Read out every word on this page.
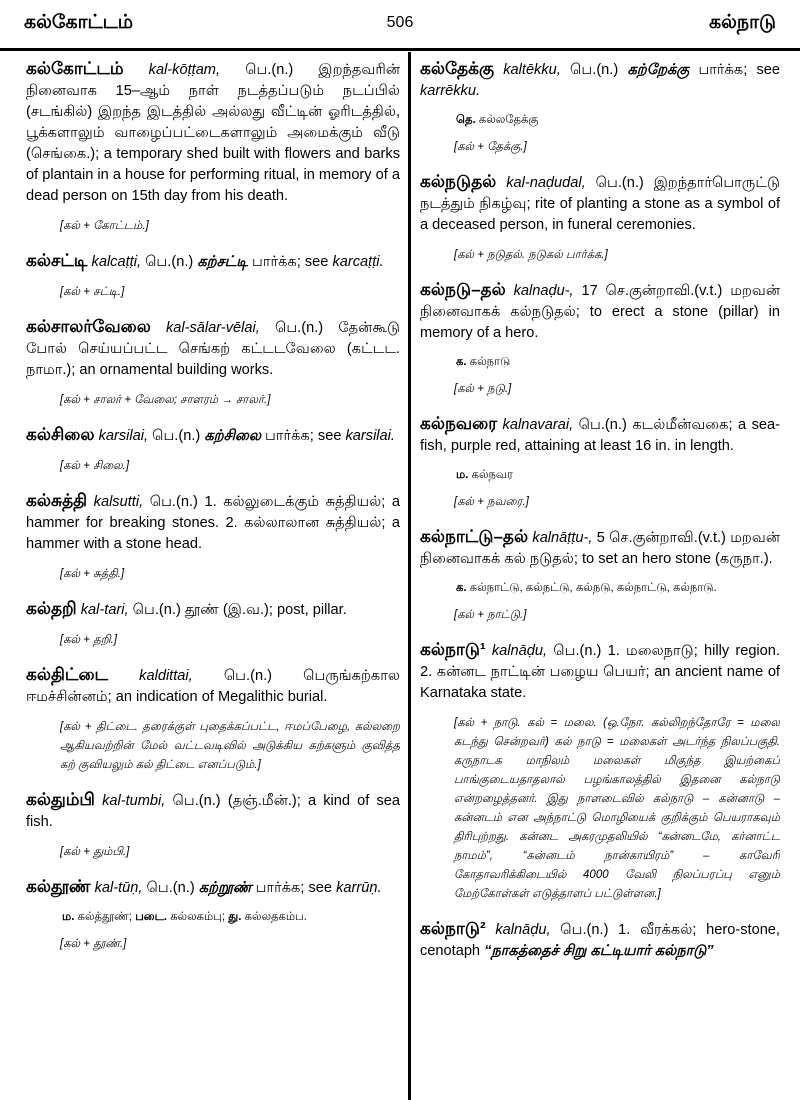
கல்கோட்டம்	506	கல்நாடு
கல்கோட்டம் kal-kōṭṭam, பெ.(n.) இறந்தவரின் நினைவாக 15–ஆம் நாள் நடத்தப்படும் நடப்பில் (சடங்கில்) இறந்த இடத்தில் அல்லது வீட்டின் ஓரிடத்தில், பூக்களாலும் வாழைப்பட்டைகளாலும் அமைக்கும் வீடு (செங்கை.); a temporary shed built with flowers and barks of plantain in a house for performing ritual, in memory of a dead person on 15th day from his death.
[கல் + கோட்டம்.]
கல்சட்டி kalcaṭṭi, பெ.(n.) கற்சட்டி பார்க்க; see karcaṭṭi.
[கல் + சட்டி.]
கல்சாலர்வேலை kal-sālar-vēlai, பெ.(n.) தேன்கூடு போல் செய்யப்பட்ட செங்கற் கட்டடவேலை (கட்டட. நாமா.); an ornamental building works.
[கல் + சாலர் + வேலை; சாளரம் → சாலர்.]
கல்சிலை karsilai, பெ.(n.) கற்சிலை பார்க்க; see karsilai.
[கல் + சிலை.]
கல்சுத்தி kalsutti, பெ.(n.) 1. கல்லுடைக்கும் சுத்தியல்; a hammer for breaking stones. 2. கல்லாலான சுத்தியல்; a hammer with a stone head.
[கல் + சுத்தி.]
கல்தறி kal-tari, பெ.(n.) தூண் (இ.வ.); post, pillar.
[கல் + தறி.]
கல்திட்டை kaldittai, பெ.(n.) பெருங்கற்கால ஈமச்சின்னம்; an indication of Megalithic burial.
[கல் + திட்டை. தரைக்குள் புதைக்கப்பட்ட, ஈமப்பேழை, கல்லறை ஆகியவற்றின் மேல் வட்டவடிவில் அடுக்கிய கற்களும் குவித்த கற் குவியலும் கல் திட்டை எனப்படும்.]
கல்தும்பி kal-tumbi, பெ.(n.) (தஞ்.மீன்.); a kind of sea fish.
[கல் + தும்பி.]
கல்தூண் kal-tūṇ, பெ.(n.) கற்றூண் பார்க்க; see karrūṇ.
ம. கல்த்தூண்; படை. கல்லகம்பு; து. கல்லதகம்ப.
[கல் + தூண்.]
கல்தேக்கு kaltēkku, பெ.(n.) கற்றேக்கு பார்க்க; see karrēkku.
தெ. கல்லதேக்கு
[கல் + தேக்கு.]
கல்நடுதல் kal-naḍudal, பெ.(n.) இறந்தார்பொருட்டு நடத்தும் நிகழ்வு; rite of planting a stone as a symbol of a deceased person, in funeral ceremonies.
[கல் + நடுதல். நடுகல் பார்க்க.]
கல்நடு–தல் kalnaḍu-, 17 செ.குன்றாவி.(v.t.) மறவன் நினைவாகக் கல்நடுதல்; to erect a stone (pillar) in memory of a hero.
க. கல்நாடு
[கல் + நடு.]
கல்நவரை kalnavarai, பெ.(n.) கடல்மீன்வகை; a sea-fish, purple red, attaining at least 16 in. in length.
ம. கல்நவர
[கல் + நவரை.]
கல்நாட்டு–தல் kalnāṭṭu-, 5 செ.குன்றாவி.(v.t.) மறவன் நினைவாகக் கல் நடுதல்; to set an hero stone (கருநா.).
க. கல்நாட்டு, கல்நட்டு, கல்நடு, கல்நாட்டு, கல்நாடு.
[கல் + நாட்டு.]
கல்நாடு¹ kalnāḍu, பெ.(n.) 1. மலைநாடு; hilly region. 2. கன்னட நாட்டின் பழைய பெயர்; an ancient name of Karnataka state.
[கல் + நாடு. கல் = மலை. (ஒ.நோ. கல்லிறந்தோரே = மலை கடந்து சென்றவர்) கல் நாடு = மலைகள் அடர்ந்த நிலப்பகுதி. கருநாடக மாநிலம் மலைகள் மிகுந்த இயற்கைப் பாங்குடையதாதலால் பழங்காலத்தில் இதனை கல்நாடு என்றழைத்தனர். இது நாளடைவில் கல்நாடு – கன்னாடு – கன்னடம் என அந்நாட்டு மொழியைக் குறிக்கும் பெயராகவும் திரிபுற்றது. கன்னட அகரமுதலியில் “கன்னடமே, கர்னாட்ட நாமம்”, “கன்னடம் நான்காயிரம்” – காவேரி கோதாவரிக்கிடையில் 4000 வேலி நிலப்பரப்பு எனும் மேற்கோள்கள் எடுத்தாளப் பட்டுள்ளன.]
கல்நாடு² kalnāḍu, பெ.(n.) 1. வீரக்கல்; hero-stone, cenotaph “நாகத்தைச் சிறு கட்டியார் கல்நாடு”
